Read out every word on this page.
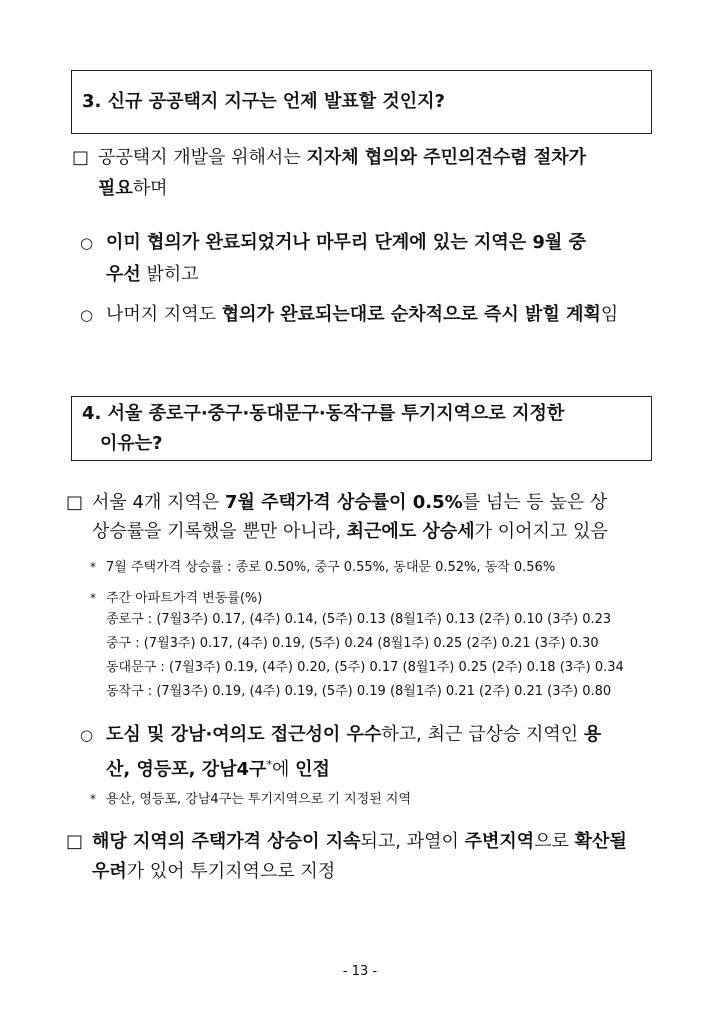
3. 신규 공공택지 지구는 언제 발표할 것인지?
□ 공공택지 개발을 위해서는 지자체 협의와 주민의견수렴 절차가
필요하며
○ 이미 협의가 완료되었거나 마무리 단계에 있는 지역은 9월 중
우선 밝히고
○ 나머지 지역도 협의가 완료되는대로 순차적으로 즉시 밝힐 계획임
4. 서울 종로구·중구·동대문구·동작구를 투기지역으로 지정한
이유는?
□ 서울 4개 지역은 7월 주택가격 상승률이 0.5%를 넘는 등 높은 상
상승률을 기록했을 뿐만 아니라, 최근에도 상승세가 이어지고 있음
* 7월 주택가격 상승률 : 종로 0.50%, 중구 0.55%, 동대문 0.52%, 동작 0.56%
* 주간 아파트가격 변동률(%)
종로구 : (7월3주) 0.17, (4주) 0.14, (5주) 0.13 (8월1주) 0.13 (2주) 0.10 (3주) 0.23
중구 : (7월3주) 0.17, (4주) 0.19, (5주) 0.24 (8월1주) 0.25 (2주) 0.21 (3주) 0.30
동대문구 : (7월3주) 0.19, (4주) 0.20, (5주) 0.17 (8월1주) 0.25 (2주) 0.18 (3주) 0.34
동작구 : (7월3주) 0.19, (4주) 0.19, (5주) 0.19 (8월1주) 0.21 (2주) 0.21 (3주) 0.80
○ 도심 및 강남·여의도 접근성이 우수하고, 최근 급상승 지역인 용
산, 영등포, 강남4구*에 인접
* 용산, 영등포, 강남4구는 투기지역으로 기 지정된 지역
□ 해당 지역의 주택가격 상승이 지속되고, 과열이 주변지역으로 확산될
우려가 있어 투기지역으로 지정
- 13 -
